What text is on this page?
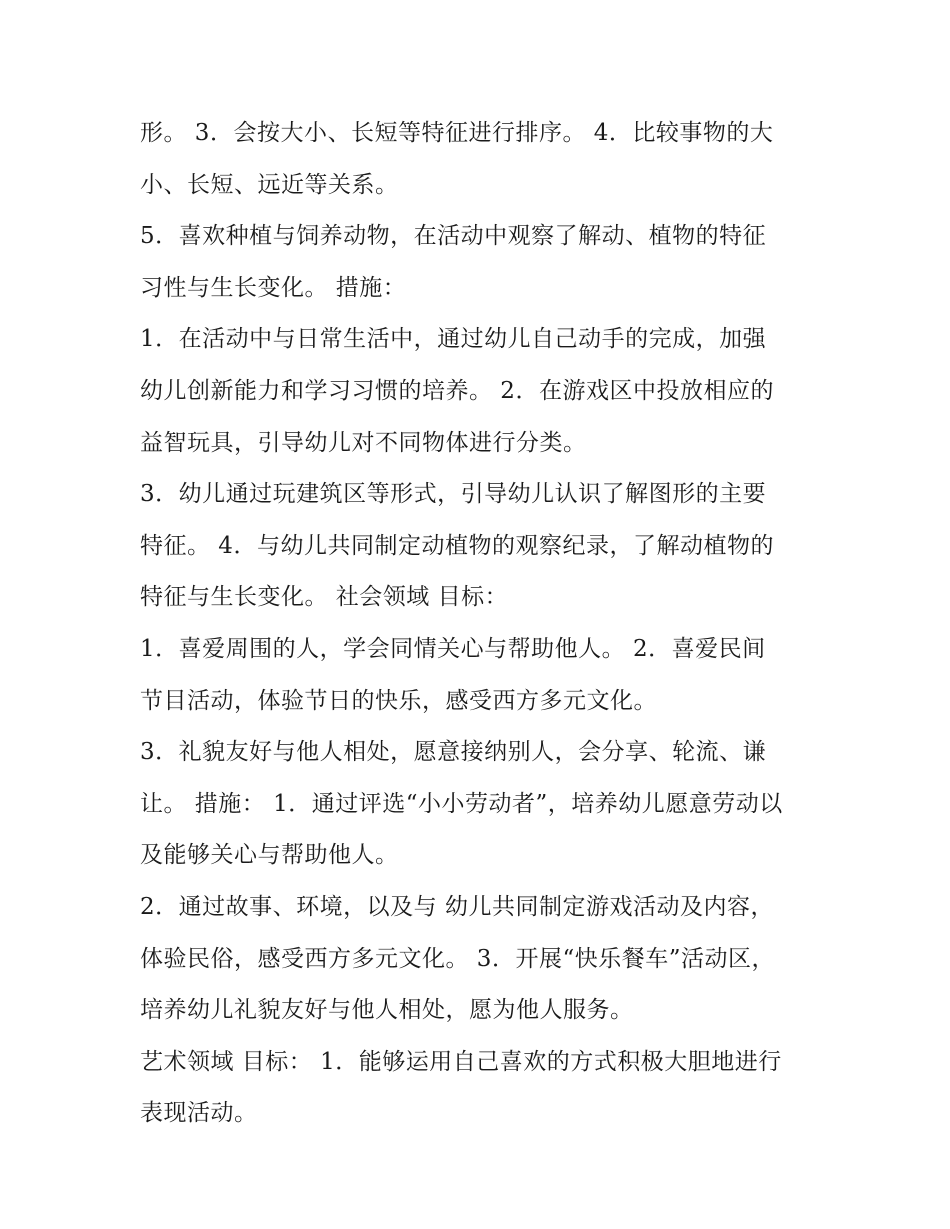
形。 3．会按大小、长短等特征进行排序。 4．比较事物的大
小、长短、远近等关系。
5．喜欢种植与饲养动物，在活动中观察了解动、植物的特征
习性与生长变化。 措施：
1．在活动中与日常生活中，通过幼儿自己动手的完成，加强
幼儿创新能力和学习习惯的培养。 2．在游戏区中投放相应的
益智玩具，引导幼儿对不同物体进行分类。
3．幼儿通过玩建筑区等形式，引导幼儿认识了解图形的主要
特征。 4．与幼儿共同制定动植物的观察纪录，了解动植物的
特征与生长变化。 社会领域 目标：
1．喜爱周围的人，学会同情关心与帮助他人。 2．喜爱民间
节目活动，体验节日的快乐，感受西方多元文化。
3．礼貌友好与他人相处，愿意接纳别人，会分享、轮流、谦
让。 措施： 1．通过评选“小小劳动者”，培养幼儿愿意劳动以
及能够关心与帮助他人。
2．通过故事、环境，以及与 幼儿共同制定游戏活动及内容，
体验民俗，感受西方多元文化。 3．开展“快乐餐车”活动区，
培养幼儿礼貌友好与他人相处，愿为他人服务。
艺术领域 目标： 1．能够运用自己喜欢的方式积极大胆地进行
表现活动。
